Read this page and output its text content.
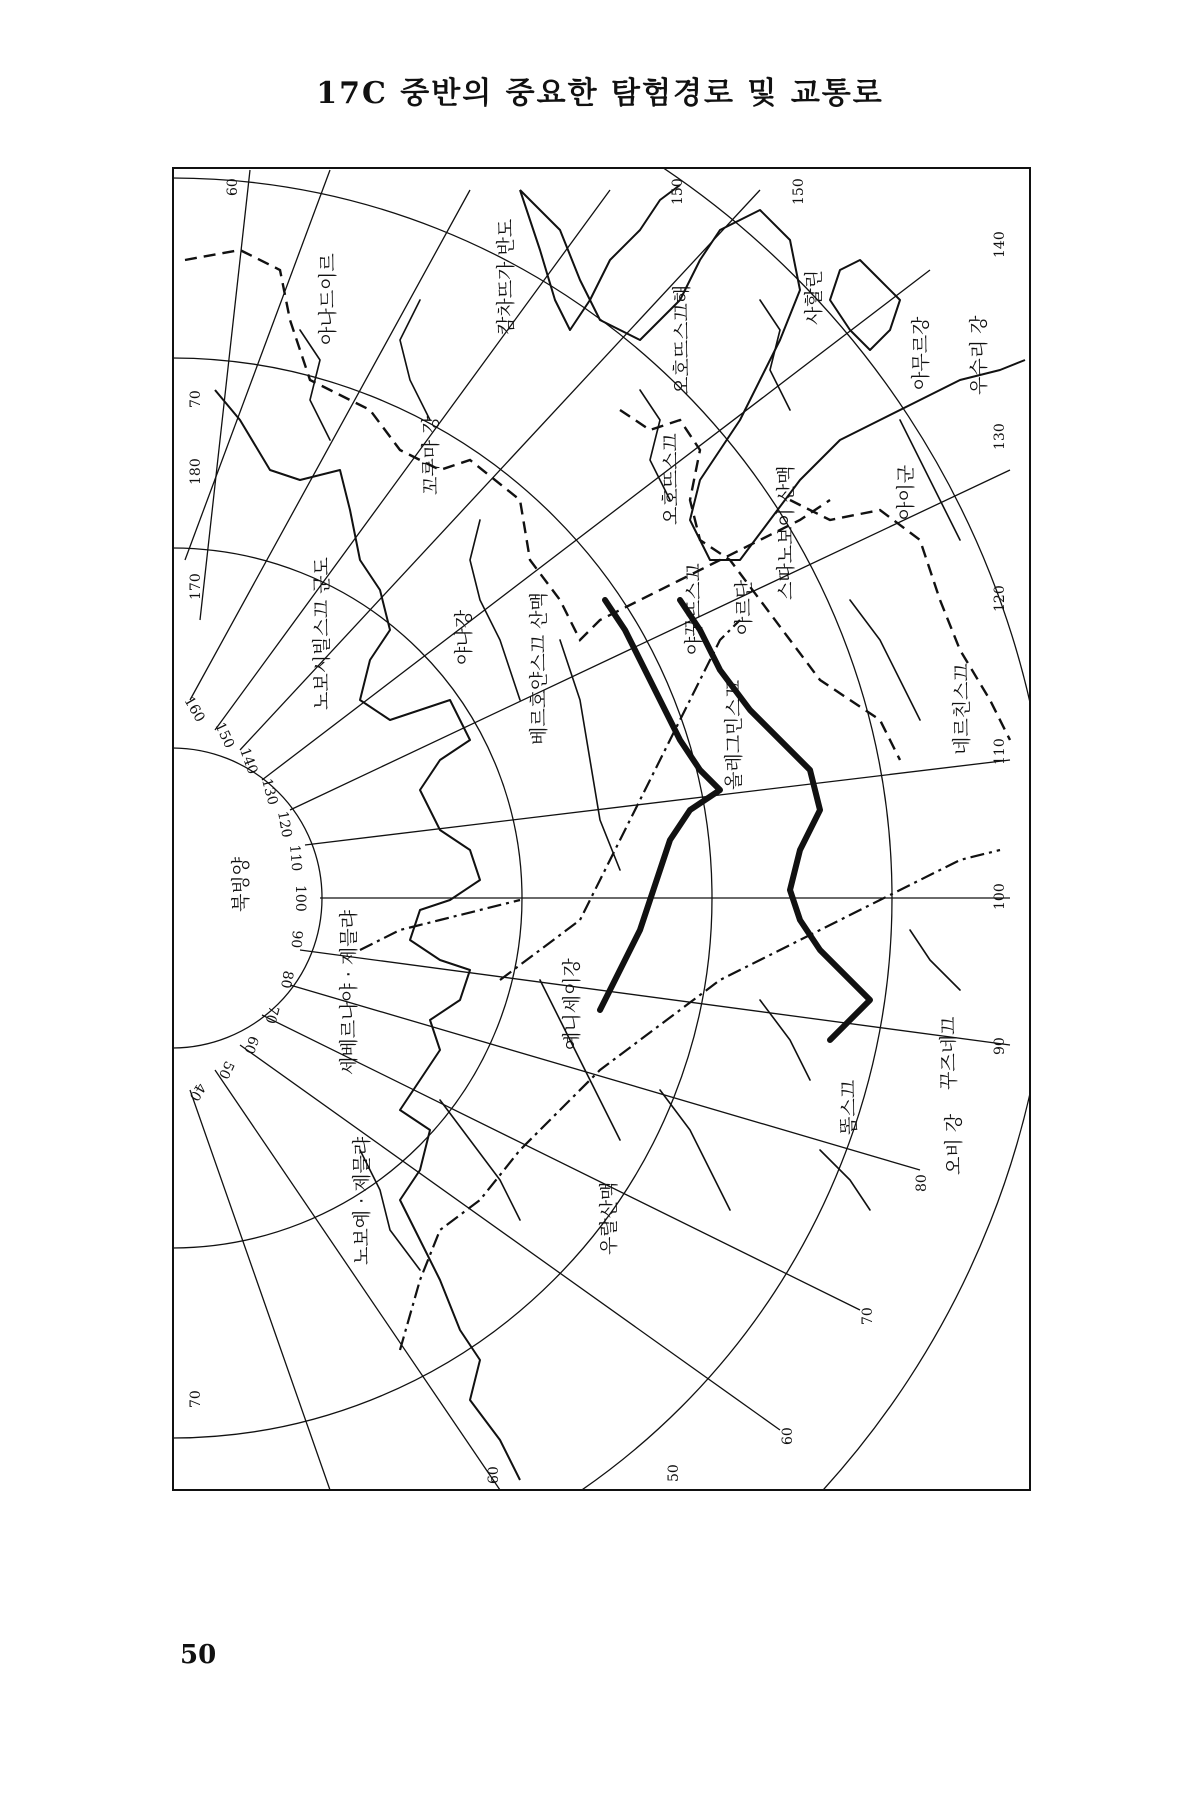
17C 중반의 중요한 탐험경로 및 교통로
북빙양
아나드이르	캄차뜨가 반도
오호뜨스끄해	사할린
아무르강 우수리 강
꼬루마 강	오호뜨스끄	스따노보이 산맥	아이군
노보시빌스끄 군도	야나강	베르호얀스끄 산맥	야꾸뜨스끄 아르단
올레그민스끄	네르친스끄
세베르나야 · 제믈랴	예니세이강
꾸즈네끄
똠스끄
오비 강
노보예 · 제믈랴	우랄산맥
160
150
140
130
120
110
100
90
80
70
60
50
40
150	150
140
130
120
110
100
90
80
70
60
50
60
70
180
170
70
60
50
